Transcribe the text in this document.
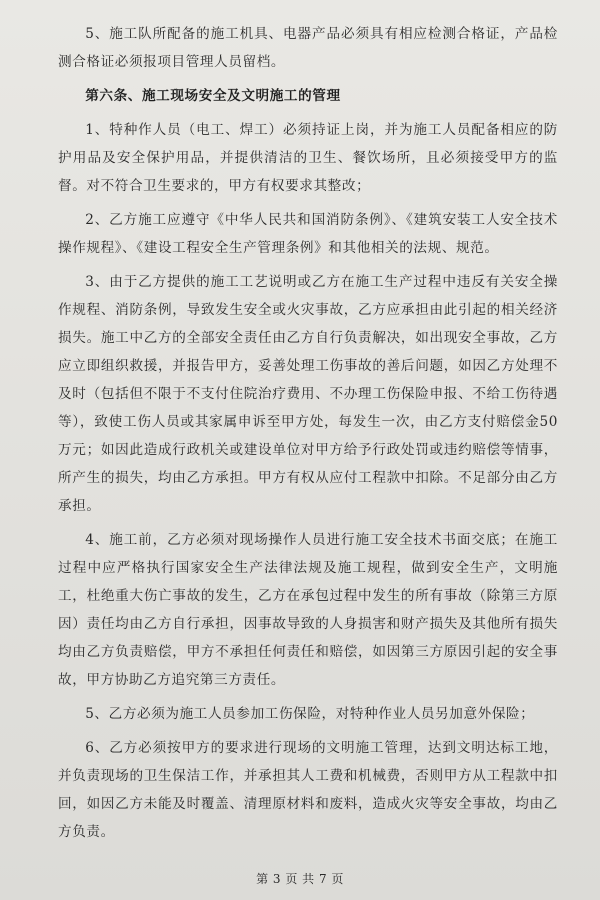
5、施工队所配备的施工机具、电器产品必须具有相应检测合格证，产品检测合格证必须报项目管理人员留档。

第六条、施工现场安全及文明施工的管理

1、特种作人员（电工、焊工）必须持证上岗，并为施工人员配备相应的防护用品及安全保护用品，并提供清洁的卫生、餐饮场所，且必须接受甲方的监督。对不符合卫生要求的，甲方有权要求其整改；

2、乙方施工应遵守《中华人民共和国消防条例》、《建筑安装工人安全技术操作规程》、《建设工程安全生产管理条例》和其他相关的法规、规范。

3、由于乙方提供的施工工艺说明或乙方在施工生产过程中违反有关安全操作规程、消防条例，导致发生安全或火灾事故，乙方应承担由此引起的相关经济损失。施工中乙方的全部安全责任由乙方自行负责解决，如出现安全事故，乙方应立即组织救援，并报告甲方，妥善处理工伤事故的善后问题，如因乙方处理不及时（包括但不限于不支付住院治疗费用、不办理工伤保险申报、不给工伤待遇等），致使工伤人员或其家属申诉至甲方处，每发生一次，由乙方支付赔偿金50万元；如因此造成行政机关或建设单位对甲方给予行政处罚或违约赔偿等情事，所产生的损失，均由乙方承担。甲方有权从应付工程款中扣除。不足部分由乙方承担。

4、施工前，乙方必须对现场操作人员进行施工安全技术书面交底；在施工过程中应严格执行国家安全生产法律法规及施工规程，做到安全生产，文明施工，杜绝重大伤亡事故的发生，乙方在承包过程中发生的所有事故（除第三方原因）责任均由乙方自行承担，因事故导致的人身损害和财产损失及其他所有损失均由乙方负责赔偿，甲方不承担任何责任和赔偿，如因第三方原因引起的安全事故，甲方协助乙方追究第三方责任。

5、乙方必须为施工人员参加工伤保险，对特种作业人员另加意外保险；

6、乙方必须按甲方的要求进行现场的文明施工管理，达到文明达标工地，并负责现场的卫生保洁工作，并承担其人工费和机械费，否则甲方从工程款中扣回，如因乙方未能及时覆盖、清理原材料和废料，造成火灾等安全事故，均由乙方负责。

第 3 页 共 7 页
